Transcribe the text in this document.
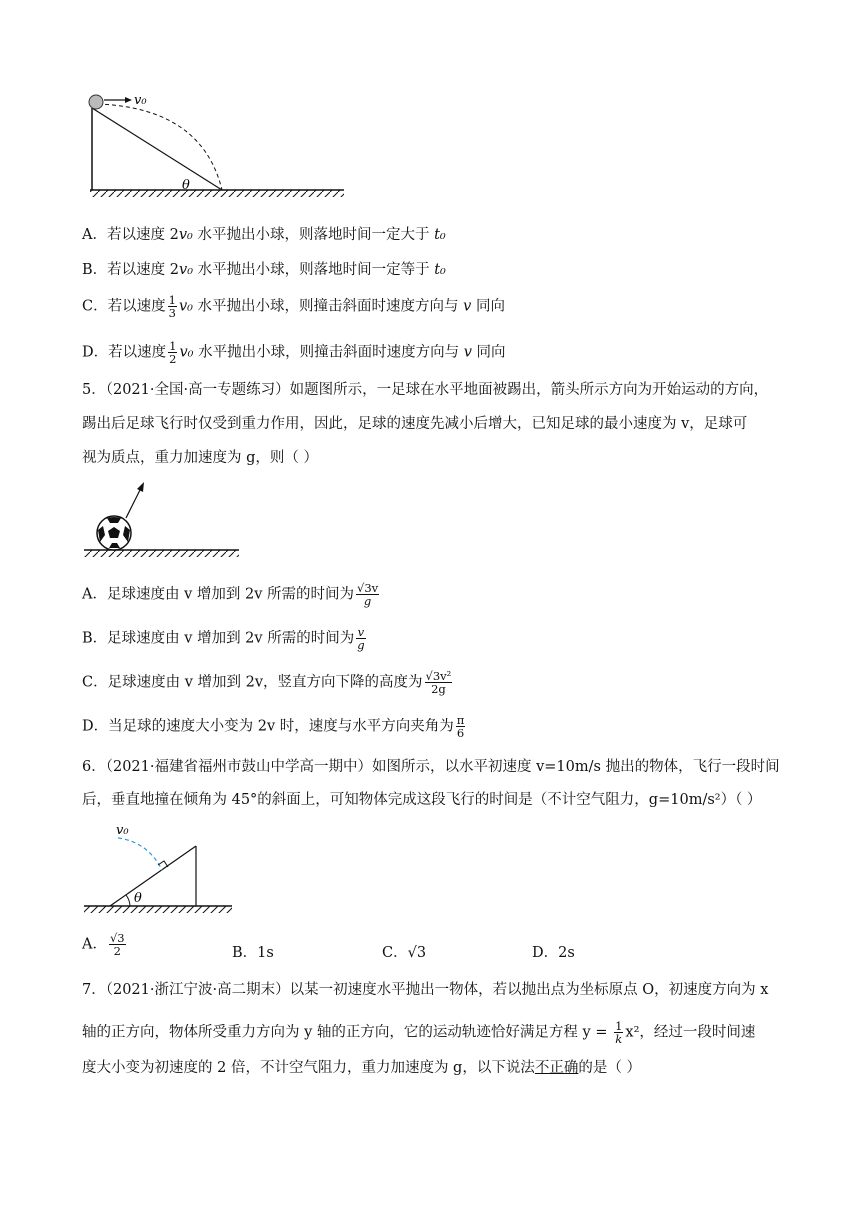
v₀
θ
A．若以速度 2v₀ 水平抛出小球，则落地时间一定大于 t₀
B．若以速度 2v₀ 水平抛出小球，则落地时间一定等于 t₀
C．若以速度 $\frac{1}{3} v_0$ 水平抛出小球，则撞击斜面时速度方向与 v 同向
D．若以速度 $\frac{1}{2} v_0$ 水平抛出小球，则撞击斜面时速度方向与 v 同向
5．（2021·全国·高一专题练习）如题图所示，一足球在水平地面被踢出，箭头所示方向为开始运动的方向，
踢出后足球飞行时仅受到重力作用，因此，足球的速度先减小后增大，已知足球的最小速度为 v，足球可
视为质点，重力加速度为 g，则（ ）
A．足球速度由 v 增加到 2v 所需的时间为 $\frac{√3v}{g}$
B．足球速度由 v 增加到 2v 所需的时间为 $\frac{v}{g}$
C．足球速度由 v 增加到 2v，竖直方向下降的高度为 $\frac{\text{√3v²}}{2g}$
D．当足球的速度大小变为 2v 时，速度与水平方向夹角为 $\frac{\pi}{6}$
6．（2021·福建省福州市鼓山中学高一期中）如图所示，以水平初速度 v=10m/s 抛出的物体，飞行一段时间
后，垂直地撞在倾角为 45°的斜面上，可知物体完成这段飞行的时间是（不计空气阻力，g=10m/s²）（ ）
v₀
θ
A． $\frac{√3}{2}$	B．1s	C．√3	D．2s
7．（2021·浙江宁波·高二期末）以某一初速度水平抛出一物体，若以抛出点为坐标原点 O，初速度方向为 x
轴的正方向，物体所受重力方向为 y 轴的正方向，它的运动轨迹恰好满足方程 $y = \frac{1}{k} x^2$，经过一段时间速
度大小变为初速度的 2 倍，不计空气阻力，重力加速度为 g，以下说法不正确的是（ ）
